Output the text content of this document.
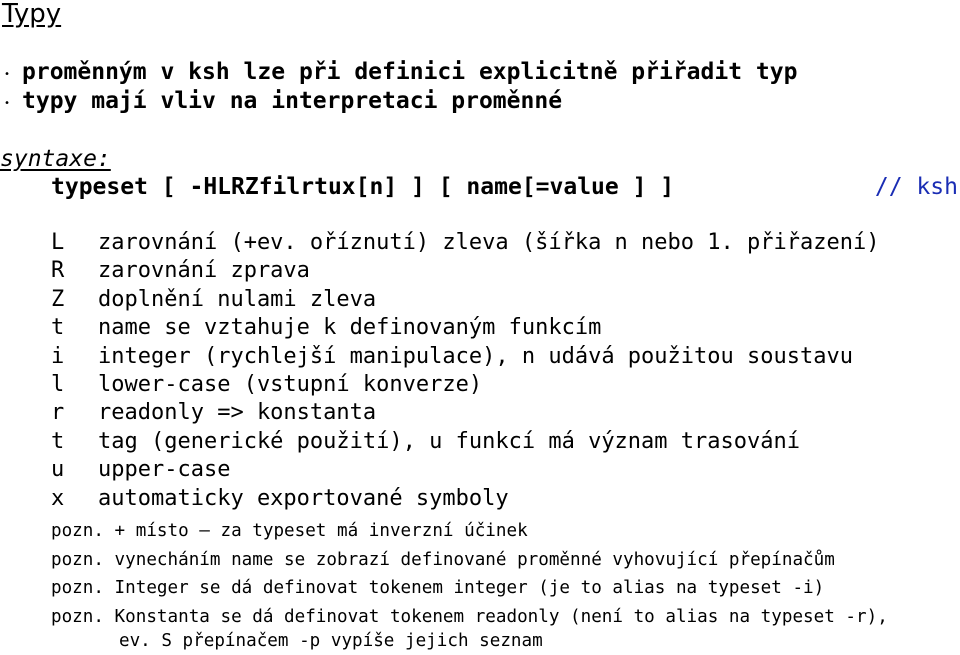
Typy
• proměnným v ksh lze při definici explicitně přiřadit typ
• typy mají vliv na interpretaci proměnné
syntaxe:
typeset [ -HLRZfilrtux[n] ] [ name[=value ] ]	// ksh
L zarovnání (+ev. oříznutí) zleva (šířka n nebo 1. přiřazení)
R zarovnání zprava
Z doplnění nulami zleva
t name se vztahuje k definovaným funkcím
i integer (rychlejší manipulace), n udává použitou soustavu
l lower-case (vstupní konverze)
r readonly => konstanta
t tag (generické použití), u funkcí má význam trasování
u upper-case
x automaticky exportované symboly
pozn. + místo – za typeset má inverzní účinek
pozn. vynecháním name se zobrazí definované proměnné vyhovující přepínačům
pozn. Integer se dá definovat tokenem integer (je to alias na typeset -i)
pozn. Konstanta se dá definovat tokenem readonly (není to alias na typeset -r),
ev. S přepínačem -p vypíše jejich seznam
